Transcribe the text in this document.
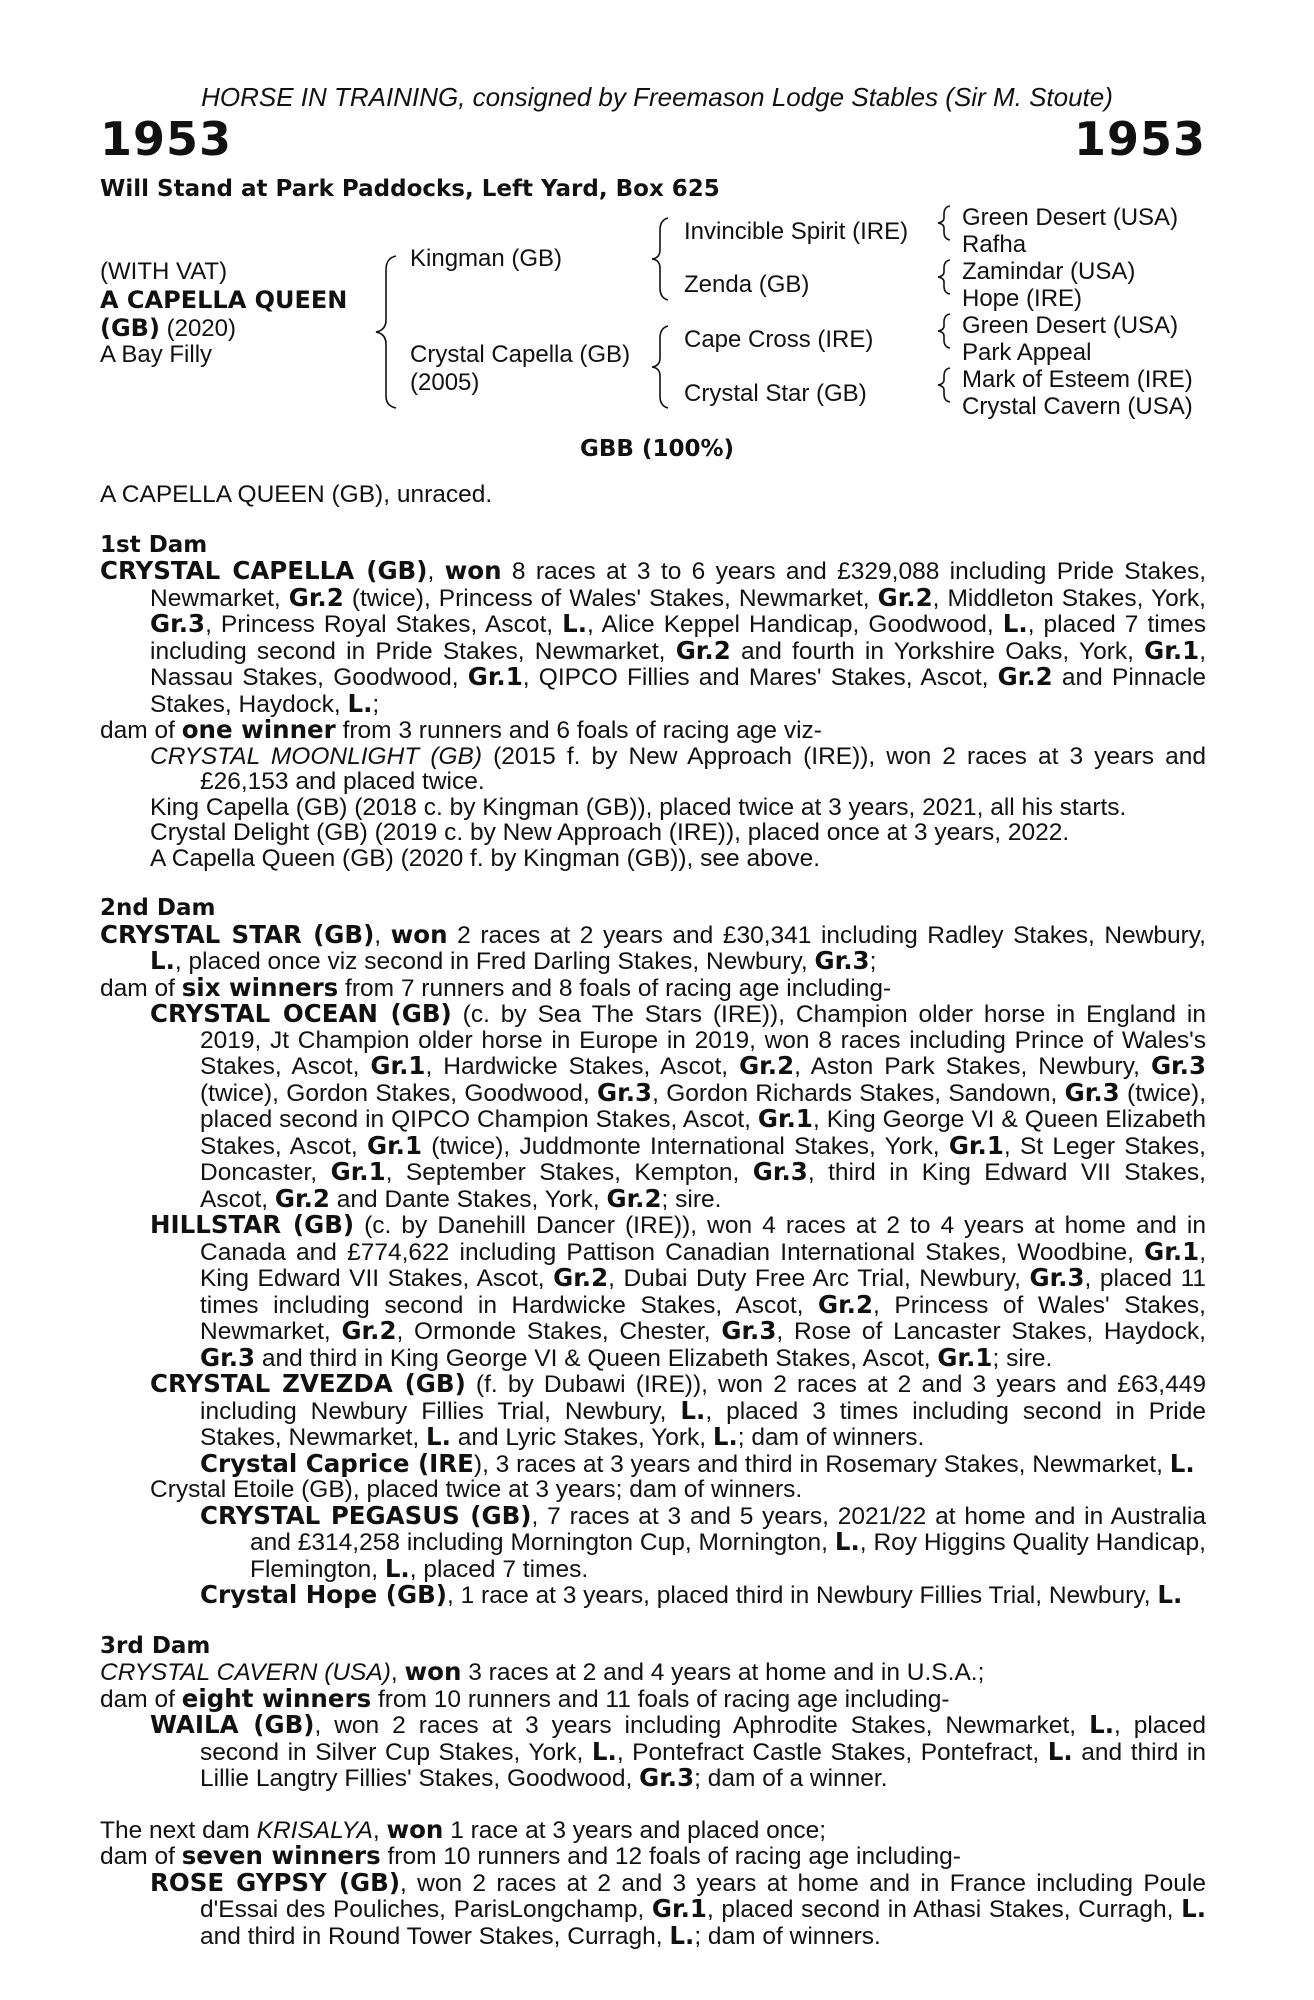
HORSE IN TRAINING, consigned by Freemason Lodge Stables (Sir M. Stoute)
1953	1953
Will Stand at Park Paddocks, Left Yard, Box 625
(WITH VAT)
A CAPELLA QUEEN
(GB) (2020)
A Bay Filly
Kingman (GB)
Crystal Capella (GB)
(2005)
Invincible Spirit (IRE)
Zenda (GB)
Cape Cross (IRE)
Crystal Star (GB)
Green Desert (USA)
Rafha
Zamindar (USA)
Hope (IRE)
Green Desert (USA)
Park Appeal
Mark of Esteem (IRE)
Crystal Cavern (USA)
GBB (100%)
A CAPELLA QUEEN (GB), unraced.
1st Dam
CRYSTAL CAPELLA (GB), won 8 races at 3 to 6 years and £329,088 including Pride Stakes, Newmarket, Gr.2 (twice), Princess of Wales' Stakes, Newmarket, Gr.2, Middleton Stakes, York, Gr.3, Princess Royal Stakes, Ascot, L., Alice Keppel Handicap, Goodwood, L., placed 7 times including second in Pride Stakes, Newmarket, Gr.2 and fourth in Yorkshire Oaks, York, Gr.1, Nassau Stakes, Goodwood, Gr.1, QIPCO Fillies and Mares' Stakes, Ascot, Gr.2 and Pinnacle Stakes, Haydock, L.;
dam of one winner from 3 runners and 6 foals of racing age viz-
CRYSTAL MOONLIGHT (GB) (2015 f. by New Approach (IRE)), won 2 races at 3 years and £26,153 and placed twice.
King Capella (GB) (2018 c. by Kingman (GB)), placed twice at 3 years, 2021, all his starts.
Crystal Delight (GB) (2019 c. by New Approach (IRE)), placed once at 3 years, 2022.
A Capella Queen (GB) (2020 f. by Kingman (GB)), see above.
2nd Dam
CRYSTAL STAR (GB), won 2 races at 2 years and £30,341 including Radley Stakes, Newbury, L., placed once viz second in Fred Darling Stakes, Newbury, Gr.3;
dam of six winners from 7 runners and 8 foals of racing age including-
CRYSTAL OCEAN (GB) (c. by Sea The Stars (IRE)), Champion older horse in England in 2019, Jt Champion older horse in Europe in 2019, won 8 races including Prince of Wales's Stakes, Ascot, Gr.1, Hardwicke Stakes, Ascot, Gr.2, Aston Park Stakes, Newbury, Gr.3 (twice), Gordon Stakes, Goodwood, Gr.3, Gordon Richards Stakes, Sandown, Gr.3 (twice), placed second in QIPCO Champion Stakes, Ascot, Gr.1, King George VI & Queen Elizabeth Stakes, Ascot, Gr.1 (twice), Juddmonte International Stakes, York, Gr.1, St Leger Stakes, Doncaster, Gr.1, September Stakes, Kempton, Gr.3, third in King Edward VII Stakes, Ascot, Gr.2 and Dante Stakes, York, Gr.2; sire.
HILLSTAR (GB) (c. by Danehill Dancer (IRE)), won 4 races at 2 to 4 years at home and in Canada and £774,622 including Pattison Canadian International Stakes, Woodbine, Gr.1, King Edward VII Stakes, Ascot, Gr.2, Dubai Duty Free Arc Trial, Newbury, Gr.3, placed 11 times including second in Hardwicke Stakes, Ascot, Gr.2, Princess of Wales' Stakes, Newmarket, Gr.2, Ormonde Stakes, Chester, Gr.3, Rose of Lancaster Stakes, Haydock, Gr.3 and third in King George VI & Queen Elizabeth Stakes, Ascot, Gr.1; sire.
CRYSTAL ZVEZDA (GB) (f. by Dubawi (IRE)), won 2 races at 2 and 3 years and £63,449 including Newbury Fillies Trial, Newbury, L., placed 3 times including second in Pride Stakes, Newmarket, L. and Lyric Stakes, York, L.; dam of winners.
Crystal Caprice (IRE), 3 races at 3 years and third in Rosemary Stakes, Newmarket, L.
Crystal Etoile (GB), placed twice at 3 years; dam of winners.
CRYSTAL PEGASUS (GB), 7 races at 3 and 5 years, 2021/22 at home and in Australia and £314,258 including Mornington Cup, Mornington, L., Roy Higgins Quality Handicap, Flemington, L., placed 7 times.
Crystal Hope (GB), 1 race at 3 years, placed third in Newbury Fillies Trial, Newbury, L.
3rd Dam
CRYSTAL CAVERN (USA), won 3 races at 2 and 4 years at home and in U.S.A.;
dam of eight winners from 10 runners and 11 foals of racing age including-
WAILA (GB), won 2 races at 3 years including Aphrodite Stakes, Newmarket, L., placed second in Silver Cup Stakes, York, L., Pontefract Castle Stakes, Pontefract, L. and third in Lillie Langtry Fillies' Stakes, Goodwood, Gr.3; dam of a winner.
The next dam KRISALYA, won 1 race at 3 years and placed once;
dam of seven winners from 10 runners and 12 foals of racing age including-
ROSE GYPSY (GB), won 2 races at 2 and 3 years at home and in France including Poule d'Essai des Pouliches, ParisLongchamp, Gr.1, placed second in Athasi Stakes, Curragh, L. and third in Round Tower Stakes, Curragh, L.; dam of winners.
